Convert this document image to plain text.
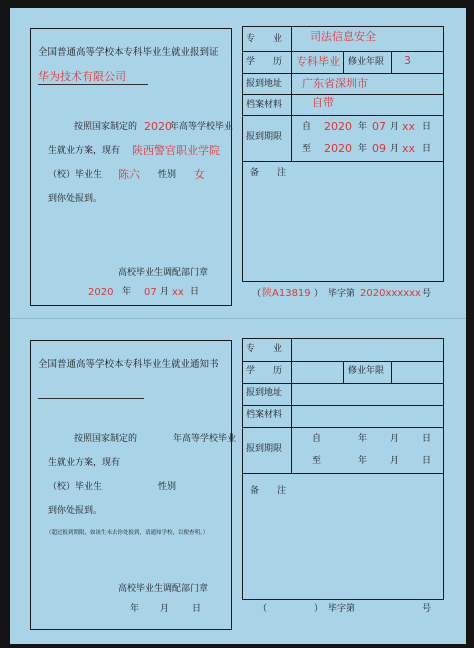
全国普通高等学校本专科毕业生就业报到证
华为技术有限公司
按照国家制定的 2020
年高等学校毕业
生就业方案，现有 陕西警官职业学院
（校）毕业生 陈六 性别 女
到你处报到。
高校毕业生调配部门章
2020 年 07 月 xx 日
专　　业	司法信息安全
学　　历 专科毕业 修业年限 3
报到地址 广东省深圳市
档案材料	自带
报到期限
自 2020 年 07 月 xx 日
至 2020 年 09 月 xx 日
备　　注
（ 陕A13819 ） 毕字第 2020xxxxxx 号
全国普通高等学校本专科毕业生就业通知书
按照国家制定的　　　　年高等学校毕业
生就业方案，现有
（校）毕业生	性别
到你处报到。
（超过报到期限，如该生未去你处报到，请通知学校，以便查明。）
高校毕业生调配部门章
年 月	日
专　　业
学　　历	修业年限
报到地址
档案材料
报到期限
自	年	月	日
至	年	月	日
备　　注
（	） 毕字第	号
